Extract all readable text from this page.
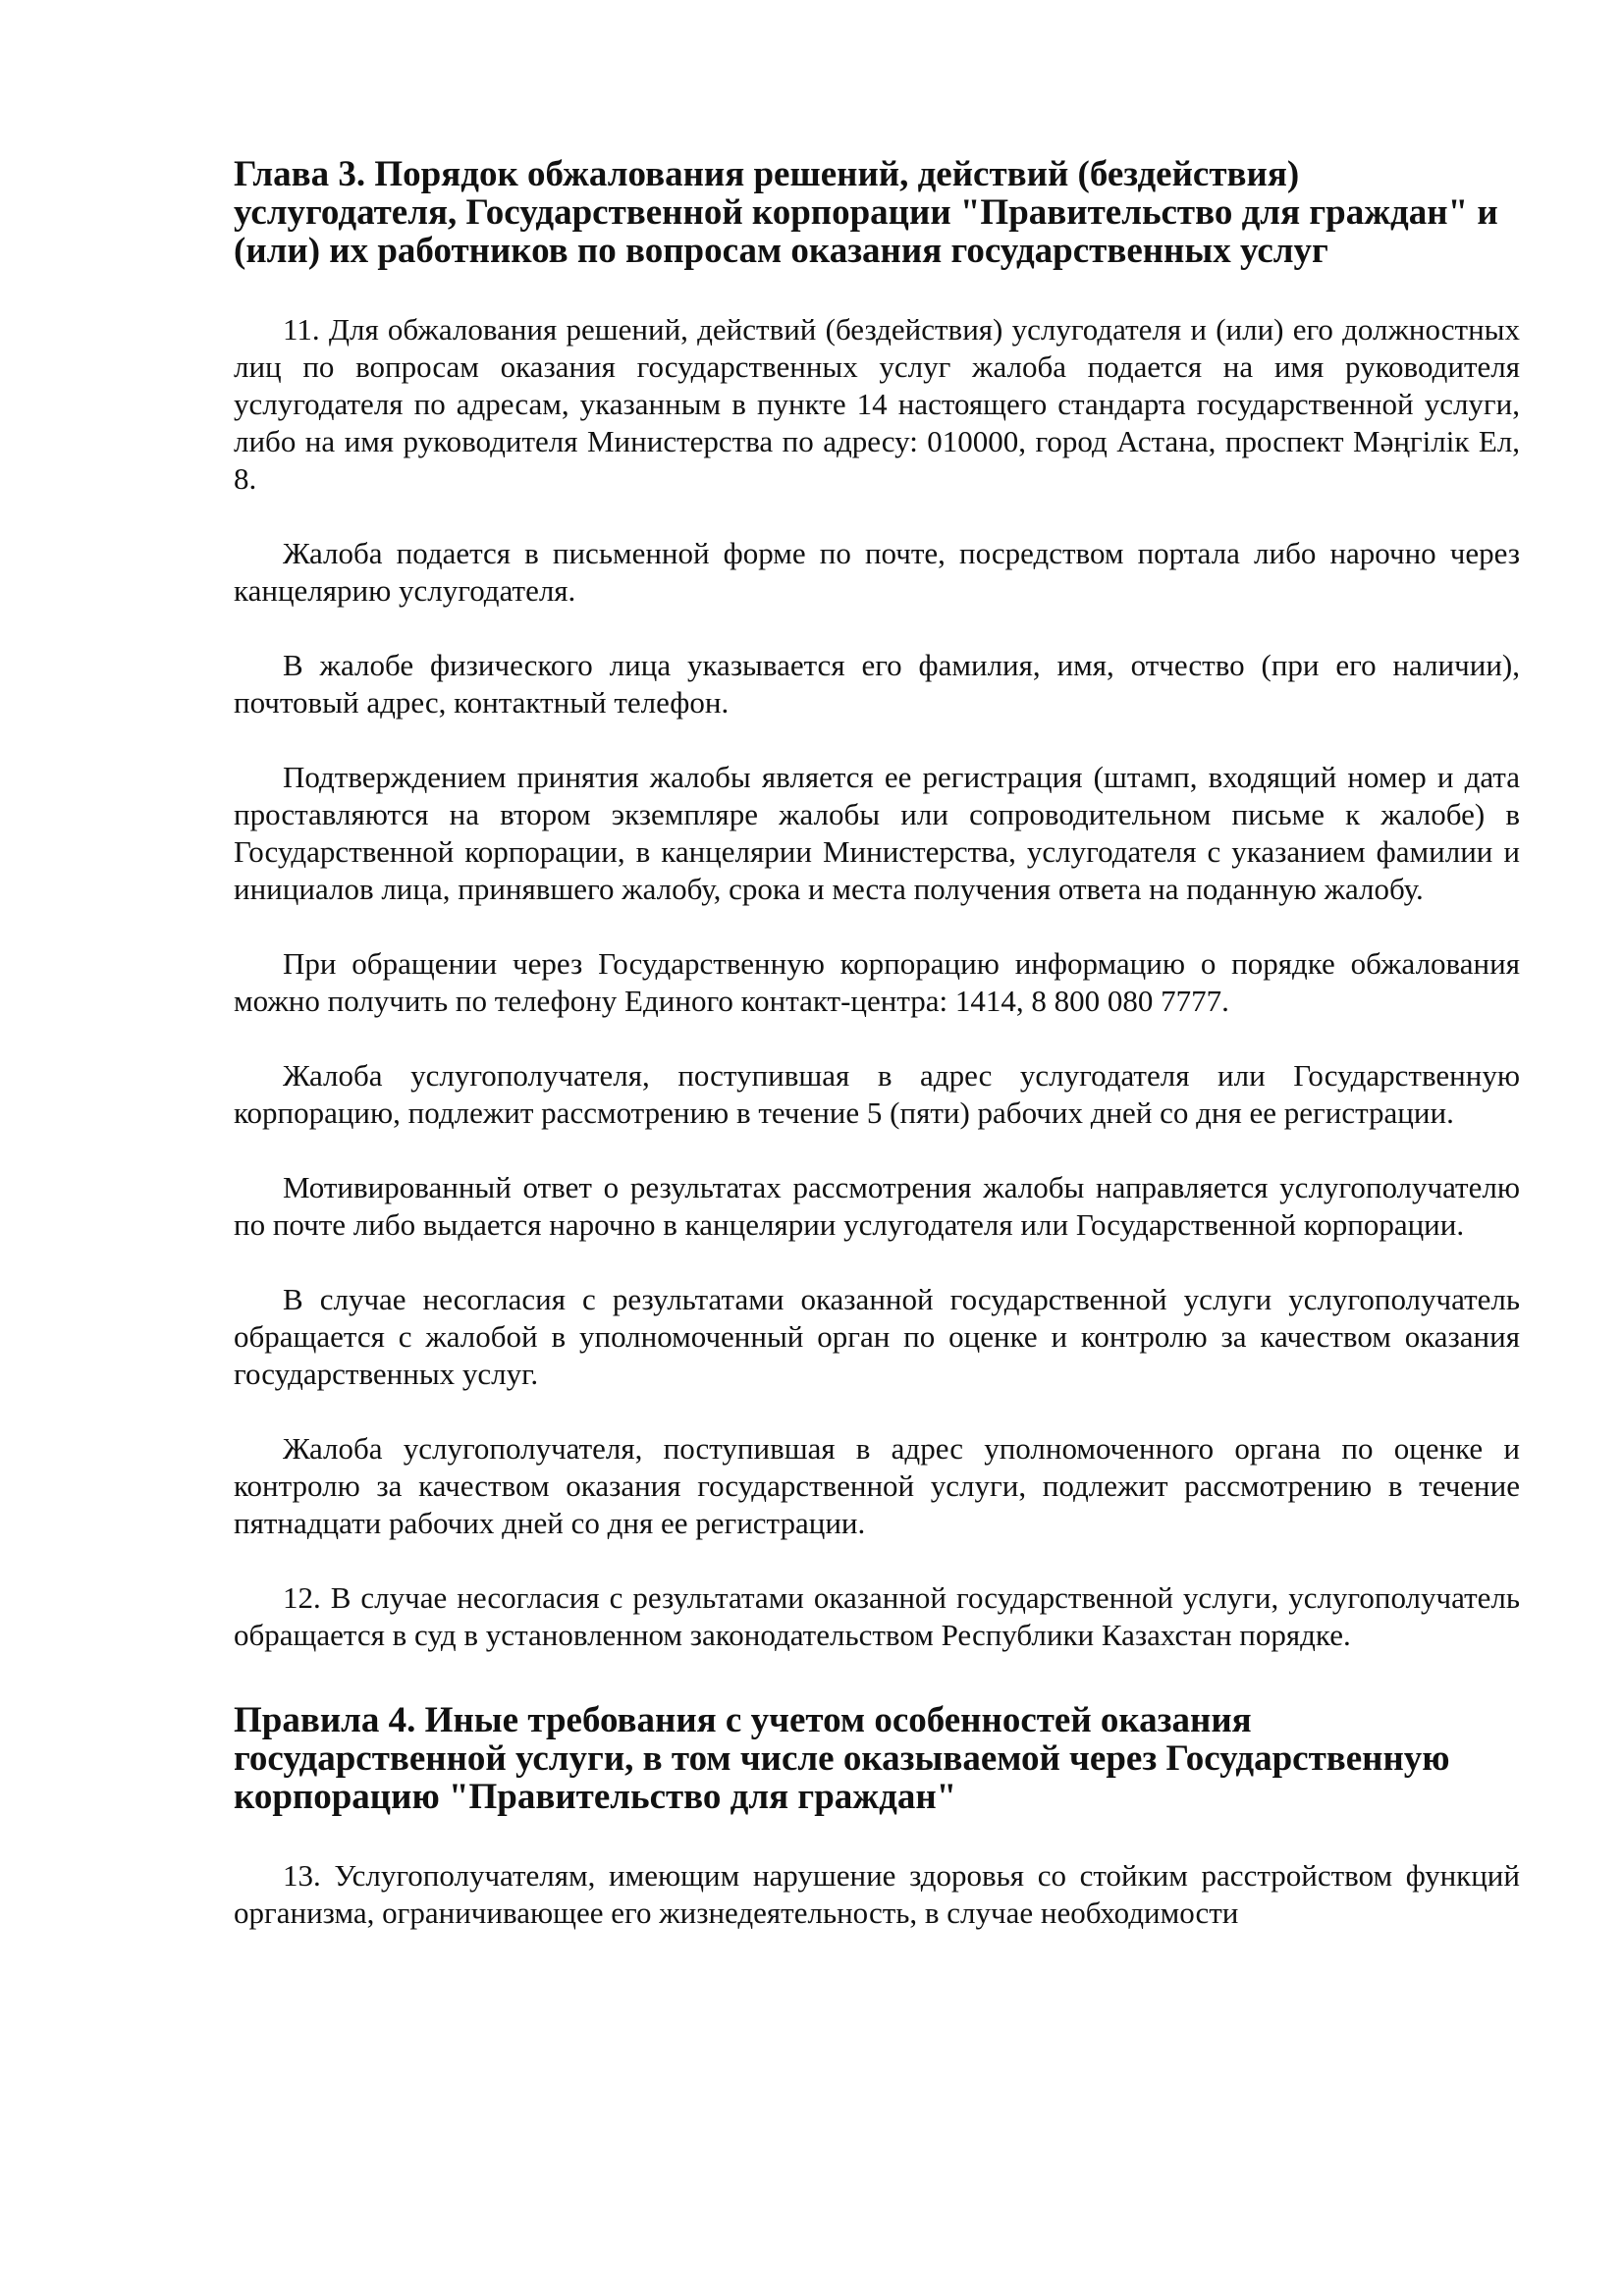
Глава 3. Порядок обжалования решений, действий (бездействия) услугодателя, Государственной корпорации "Правительство для граждан" и (или) их работников по вопросам оказания государственных услуг

11. Для обжалования решений, действий (бездействия) услугодателя и (или) его должностных лиц по вопросам оказания государственных услуг жалоба подается на имя руководителя услугодателя по адресам, указанным в пункте 14 настоящего стандарта государственной услуги, либо на имя руководителя Министерства по адресу: 010000, город Астана, проспект Мәңгілік Ел, 8.

Жалоба подается в письменной форме по почте, посредством портала либо нарочно через канцелярию услугодателя.

В жалобе физического лица указывается его фамилия, имя, отчество (при его наличии), почтовый адрес, контактный телефон.

Подтверждением принятия жалобы является ее регистрация (штамп, входящий номер и дата проставляются на втором экземпляре жалобы или сопроводительном письме к жалобе) в Государственной корпорации, в канцелярии Министерства, услугодателя с указанием фамилии и инициалов лица, принявшего жалобу, срока и места получения ответа на поданную жалобу.

При обращении через Государственную корпорацию информацию о порядке обжалования можно получить по телефону Единого контакт-центра: 1414, 8 800 080 7777.

Жалоба услугополучателя, поступившая в адрес услугодателя или Государственную корпорацию, подлежит рассмотрению в течение 5 (пяти) рабочих дней со дня ее регистрации.

Мотивированный ответ о результатах рассмотрения жалобы направляется услугополучателю по почте либо выдается нарочно в канцелярии услугодателя или Государственной корпорации.

В случае несогласия с результатами оказанной государственной услуги услугополучатель обращается с жалобой в уполномоченный орган по оценке и контролю за качеством оказания государственных услуг.

Жалоба услугополучателя, поступившая в адрес уполномоченного органа по оценке и контролю за качеством оказания государственной услуги, подлежит рассмотрению в течение пятнадцати рабочих дней со дня ее регистрации.

12. В случае несогласия с результатами оказанной государственной услуги, услугополучатель обращается в суд в установленном законодательством Республики Казахстан порядке.

Правила 4. Иные требования с учетом особенностей оказания государственной услуги, в том числе оказываемой через Государственную корпорацию "Правительство для граждан"

13. Услугополучателям, имеющим нарушение здоровья со стойким расстройством функций организма, ограничивающее его жизнедеятельность, в случае необходимости
